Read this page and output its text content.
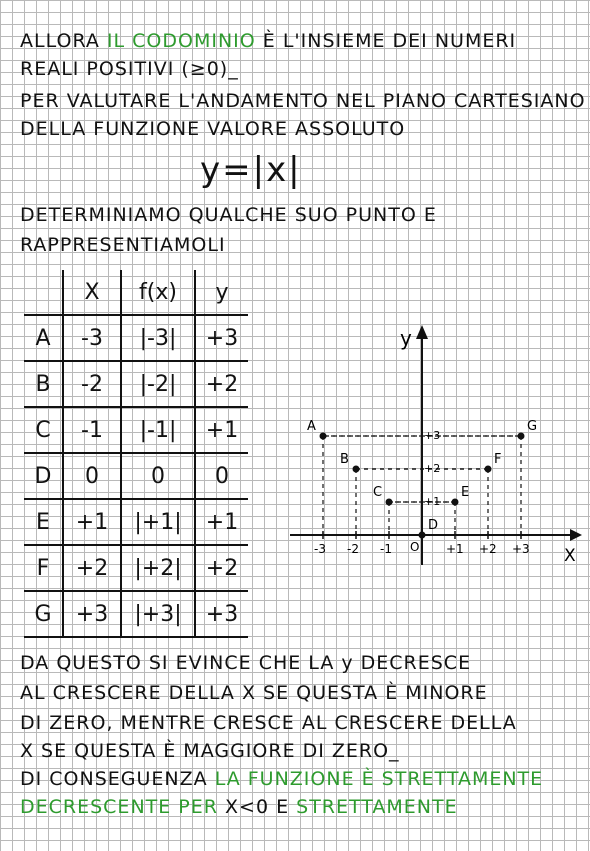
ALLORA IL CODOMINIO È L'INSIEME DEI NUMERI
REALI POSITIVI (≥0)_
PER VALUTARE L'ANDAMENTO NEL PIANO CARTESIANO
DELLA FUNZIONE VALORE ASSOLUTO
y=|x|
DETERMINIAMO QUALCHE SUO PUNTO E
RAPPRESENTIAMOLI
	X	f(x)	y
A	-3	|-3|	+3
B	-2	|-2|	+2
C	-1	|-1|	+1
D	0	0	0
E	+1	|+1|	+1
F	+2	|+2|	+2
G	+3	|+3|	+3
y
X
O
-3 -2 -1	+1 +2 +3
+1
+2
+3
A
B
C
D
E
F
G
DA QUESTO SI EVINCE CHE LA y DECRESCE
AL CRESCERE DELLA X SE QUESTA È MINORE
DI ZERO, MENTRE CRESCE AL CRESCERE DELLA
X SE QUESTA È MAGGIORE DI ZERO_
DI CONSEGUENZA LA FUNZIONE È STRETTAMENTE
DECRESCENTE PER X<0 E STRETTAMENTE
